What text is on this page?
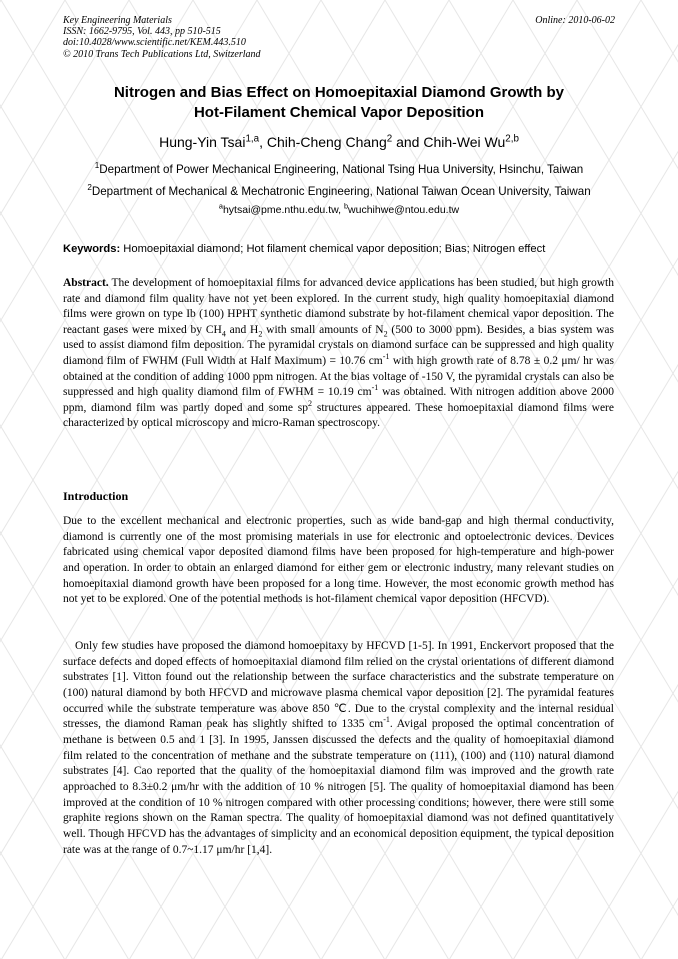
Key Engineering Materials
ISSN: 1662-9795, Vol. 443, pp 510-515
doi:10.4028/www.scientific.net/KEM.443.510
© 2010 Trans Tech Publications Ltd, Switzerland
Online: 2010-06-02
Nitrogen and Bias Effect on Homoepitaxial Diamond Growth by
Hot-Filament Chemical Vapor Deposition
Hung-Yin Tsai$^{1,a}$, Chih-Cheng Chang$^2$ and Chih-Wei Wu$^{2,b}$
$^1$Department of Power Mechanical Engineering, National Tsing Hua University, Hsinchu, Taiwan
$^2$Department of Mechanical & Mechatronic Engineering, National Taiwan Ocean University, Taiwan
$^a$hytsai@pme.nthu.edu.tw, $^b$wuchihwe@ntou.edu.tw
Keywords: Homoepitaxial diamond; Hot filament chemical vapor deposition; Bias; Nitrogen effect

Abstract. The development of homoepitaxial films for advanced device applications has been studied, but high growth rate and diamond film quality have not yet been explored. In the current study, high quality homoepitaxial diamond films were grown on type Ib (100) HPHT synthetic diamond substrate by hot-filament chemical vapor deposition. The reactant gases were mixed by $CH_4$ and $H_2$ with small amounts of $N_2$ (500 to 3000 ppm). Besides, a bias system was used to assist diamond film deposition. The pyramidal crystals on diamond surface can be suppressed and high quality diamond film of FWHM (Full Width at Half Maximum) = 10.76 $cm^{-1}$ with high growth rate of 8.78 ± 0.2 μm/ hr was obtained at the condition of adding 1000 ppm nitrogen. At the bias voltage of -150 V, the pyramidal crystals can also be suppressed and high quality diamond film of FWHM = 10.19 $cm^{-1}$ was obtained. With nitrogen addition above 2000 ppm, diamond film was partly doped and some $sp^2$ structures appeared. These homoepitaxial diamond films were characterized by optical microscopy and micro-Raman spectroscopy.

Introduction

Due to the excellent mechanical and electronic properties, such as wide band-gap and high thermal conductivity, diamond is currently one of the most promising materials in use for electronic and optoelectronic devices. Devices fabricated using chemical vapor deposited diamond films have been proposed for high-temperature and high-power and operation. In order to obtain an enlarged diamond for either gem or electronic industry, many relevant studies on homoepitaxial diamond growth have been proposed for a long time. However, the most economic growth method has not yet to be explored. One of the potential methods is hot-filament chemical vapor deposition (HFCVD).

Only few studies have proposed the diamond homoepitaxy by HFCVD [1-5]. In 1991, Enckervort proposed that the surface defects and doped effects of homoepitaxial diamond film relied on the crystal orientations of different diamond substrates [1]. Vitton found out the relationship between the surface characteristics and the substrate temperature on (100) natural diamond by both HFCVD and microwave plasma chemical vapor deposition [2]. The pyramidal features occurred while the substrate temperature was above 850 ℃. Due to the crystal complexity and the internal residual stresses, the diamond Raman peak has slightly shifted to 1335 $cm^{-1}$. Avigal proposed the optimal concentration of methane is between 0.5 and 1 [3]. In 1995, Janssen discussed the defects and the quality of homoepitaxial diamond film related to the concentration of methane and the substrate temperature on (111), (100) and (110) natural diamond substrates [4]. Cao reported that the quality of the homoepitaxial diamond film was improved and the growth rate approached to 8.3±0.2 μm/hr with the addition of 10 % nitrogen [5]. The quality of homoepitaxial diamond has been improved at the condition of 10 % nitrogen compared with other processing conditions; however, there were still some graphite regions shown on the Raman spectra. The quality of homoepitaxial diamond was not defined quantitatively well. Though HFCVD has the advantages of simplicity and an economical deposition equipment, the typical deposition rate was at the range of 0.7~1.17 μm/hr [1,4].
